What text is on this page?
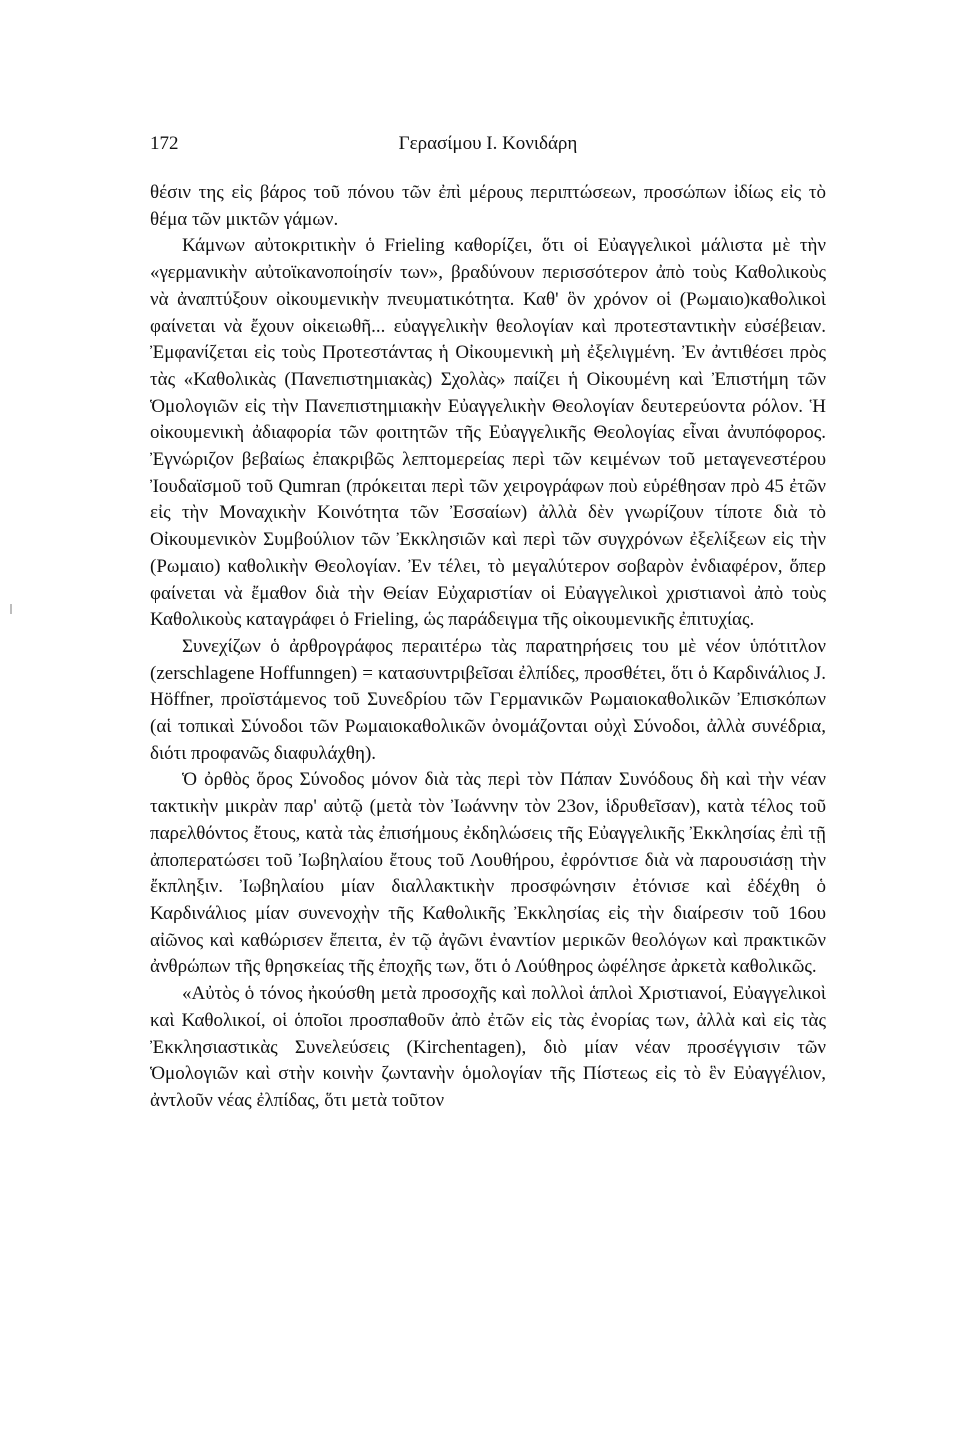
172	Γερασίμου Ι. Κονιδάρη

θέσιν της εἰς βάρος τοῦ πόνου τῶν ἐπὶ μέρους περιπτώσεων, προσώπων ἰδίως εἰς τὸ θέμα τῶν μικτῶν γάμων.

Κάμνων αὐτοκριτικὴν ὁ Frieling καθορίζει, ὅτι οἱ Εὐαγγελικοὶ μάλιστα μὲ τὴν «γερμανικὴν αὐτοϊκανοποίησίν των», βραδύνουν περισσότερον ἀπὸ τοὺς Καθολικοὺς νὰ ἀναπτύξουν οἰκουμενικὴν πνευματικότητα. Καθ' ὃν χρόνον οἱ (Ρωμαιο)καθολικοὶ φαίνεται νὰ ἔχουν οἰκειωθῆ... εὐαγγελικὴν θεολογίαν καὶ προτεσταντικὴν εὐσέβειαν. Ἐμφανίζεται εἰς τοὺς Προτεστάντας ἡ Οἰκουμενικὴ μὴ ἐξελιγμένη. Ἐν ἀντιθέσει πρὸς τὰς «Καθολικὰς (Πανεπιστημιακὰς) Σχολὰς» παίζει ἡ Οἰκουμένη καὶ Ἐπιστήμη τῶν Ὁμολογιῶν εἰς τὴν Πανεπιστημιακὴν Εὐαγγελικὴν Θεολογίαν δευτερεύοντα ρόλον. Ἡ οἰκουμενικὴ ἀδιαφορία τῶν φοιτητῶν τῆς Εὐαγγελικῆς Θεολογίας εἶναι ἀνυπόφορος. Ἐγνώριζον βεβαίως ἐπακριβῶς λεπτομερείας περὶ τῶν κειμένων τοῦ μεταγενεστέρου Ἰουδαϊσμοῦ τοῦ Qumran (πρόκειται περὶ τῶν χειρογράφων ποὺ εὑρέθησαν πρὸ 45 ἐτῶν εἰς τὴν Μοναχικὴν Κοινότητα τῶν Ἐσσαίων) ἀλλὰ δὲν γνωρίζουν τίποτε διὰ τὸ Οἰκουμενικὸν Συμβούλιον τῶν Ἐκκλησιῶν καὶ περὶ τῶν συγχρόνων ἐξελίξεων εἰς τὴν (Ρωμαιο) καθολικὴν Θεολογίαν. Ἐν τέλει, τὸ μεγαλύτερον σοβαρὸν ἐνδιαφέρον, ὅπερ φαίνεται νὰ ἔμαθον διὰ τὴν Θείαν Εὐχαριστίαν οἱ Εὐαγγελικοὶ χριστιανοὶ ἀπὸ τοὺς Καθολικοὺς καταγράφει ὁ Frieling, ὡς παράδειγμα τῆς οἰκουμενικῆς ἐπιτυχίας.

Συνεχίζων ὁ ἀρθρογράφος περαιτέρω τὰς παρατηρήσεις του μὲ νέον ὑπότιτλον (zerschlagene Hoffunngen) = κατασυντριβεῖσαι ἐλπίδες, προσθέτει, ὅτι ὁ Καρδινάλιος J. Höffner, προϊστάμενος τοῦ Συνεδρίου τῶν Γερμανικῶν Ρωμαιοκαθολικῶν Ἐπισκόπων (αἱ τοπικαὶ Σύνοδοι τῶν Ρωμαιοκαθολικῶν ὀνομάζονται οὐχὶ Σύνοδοι, ἀλλὰ συνέδρια, διότι προφανῶς διαφυλάχθη).

Ὁ ὀρθὸς ὅρος Σύνοδος μόνον διὰ τὰς περὶ τὸν Πάπαν Συνόδους δὴ καὶ τὴν νέαν τακτικὴν μικρὰν παρ' αὐτῷ (μετὰ τὸν Ἰωάννην τὸν 23ον, ἱδρυθεῖσαν), κατὰ τέλος τοῦ παρελθόντος ἔτους, κατὰ τὰς ἐπισήμους ἐκδηλώσεις τῆς Εὐαγγελικῆς Ἐκκλησίας ἐπὶ τῇ ἀποπερατώσει τοῦ Ἰωβηλαίου ἔτους τοῦ Λουθήρου, ἐφρόντισε διὰ νὰ παρουσιάσῃ τὴν ἔκπληξιν. Ἰωβηλαίου μίαν διαλλακτικὴν προσφώνησιν ἐτόνισε καὶ ἐδέχθη ὁ Καρδινάλιος μίαν συνενοχὴν τῆς Καθολικῆς Ἐκκλησίας εἰς τὴν διαίρεσιν τοῦ 16ου αἰῶνος καὶ καθώρισεν ἔπειτα, ἐν τῷ ἀγῶνι ἐναντίον μερικῶν θεολόγων καὶ πρακτικῶν ἀνθρώπων τῆς θρησκείας τῆς ἐποχῆς των, ὅτι ὁ Λούθηρος ὠφέλησε ἀρκετὰ καθολικῶς.

«Αὐτὸς ὁ τόνος ἠκούσθη μετὰ προσοχῆς καὶ πολλοὶ ἁπλοὶ Χριστιανοί, Εὐαγγελικοὶ καὶ Καθολικοί, οἱ ὁποῖοι προσπαθοῦν ἀπὸ ἐτῶν εἰς τὰς ἐνορίας των, ἀλλὰ καὶ εἰς τὰς Ἐκκλησιαστικὰς Συνελεύσεις (Kirchentagen), διὸ μίαν νέαν προσέγγισιν τῶν Ὁμολογιῶν καὶ στὴν κοινὴν ζωντανὴν ὁμολογίαν τῆς Πίστεως εἰς τὸ ἓν Εὐαγγέλιον, ἀντλοῦν νέας ἐλπίδας, ὅτι μετὰ τοῦτον
